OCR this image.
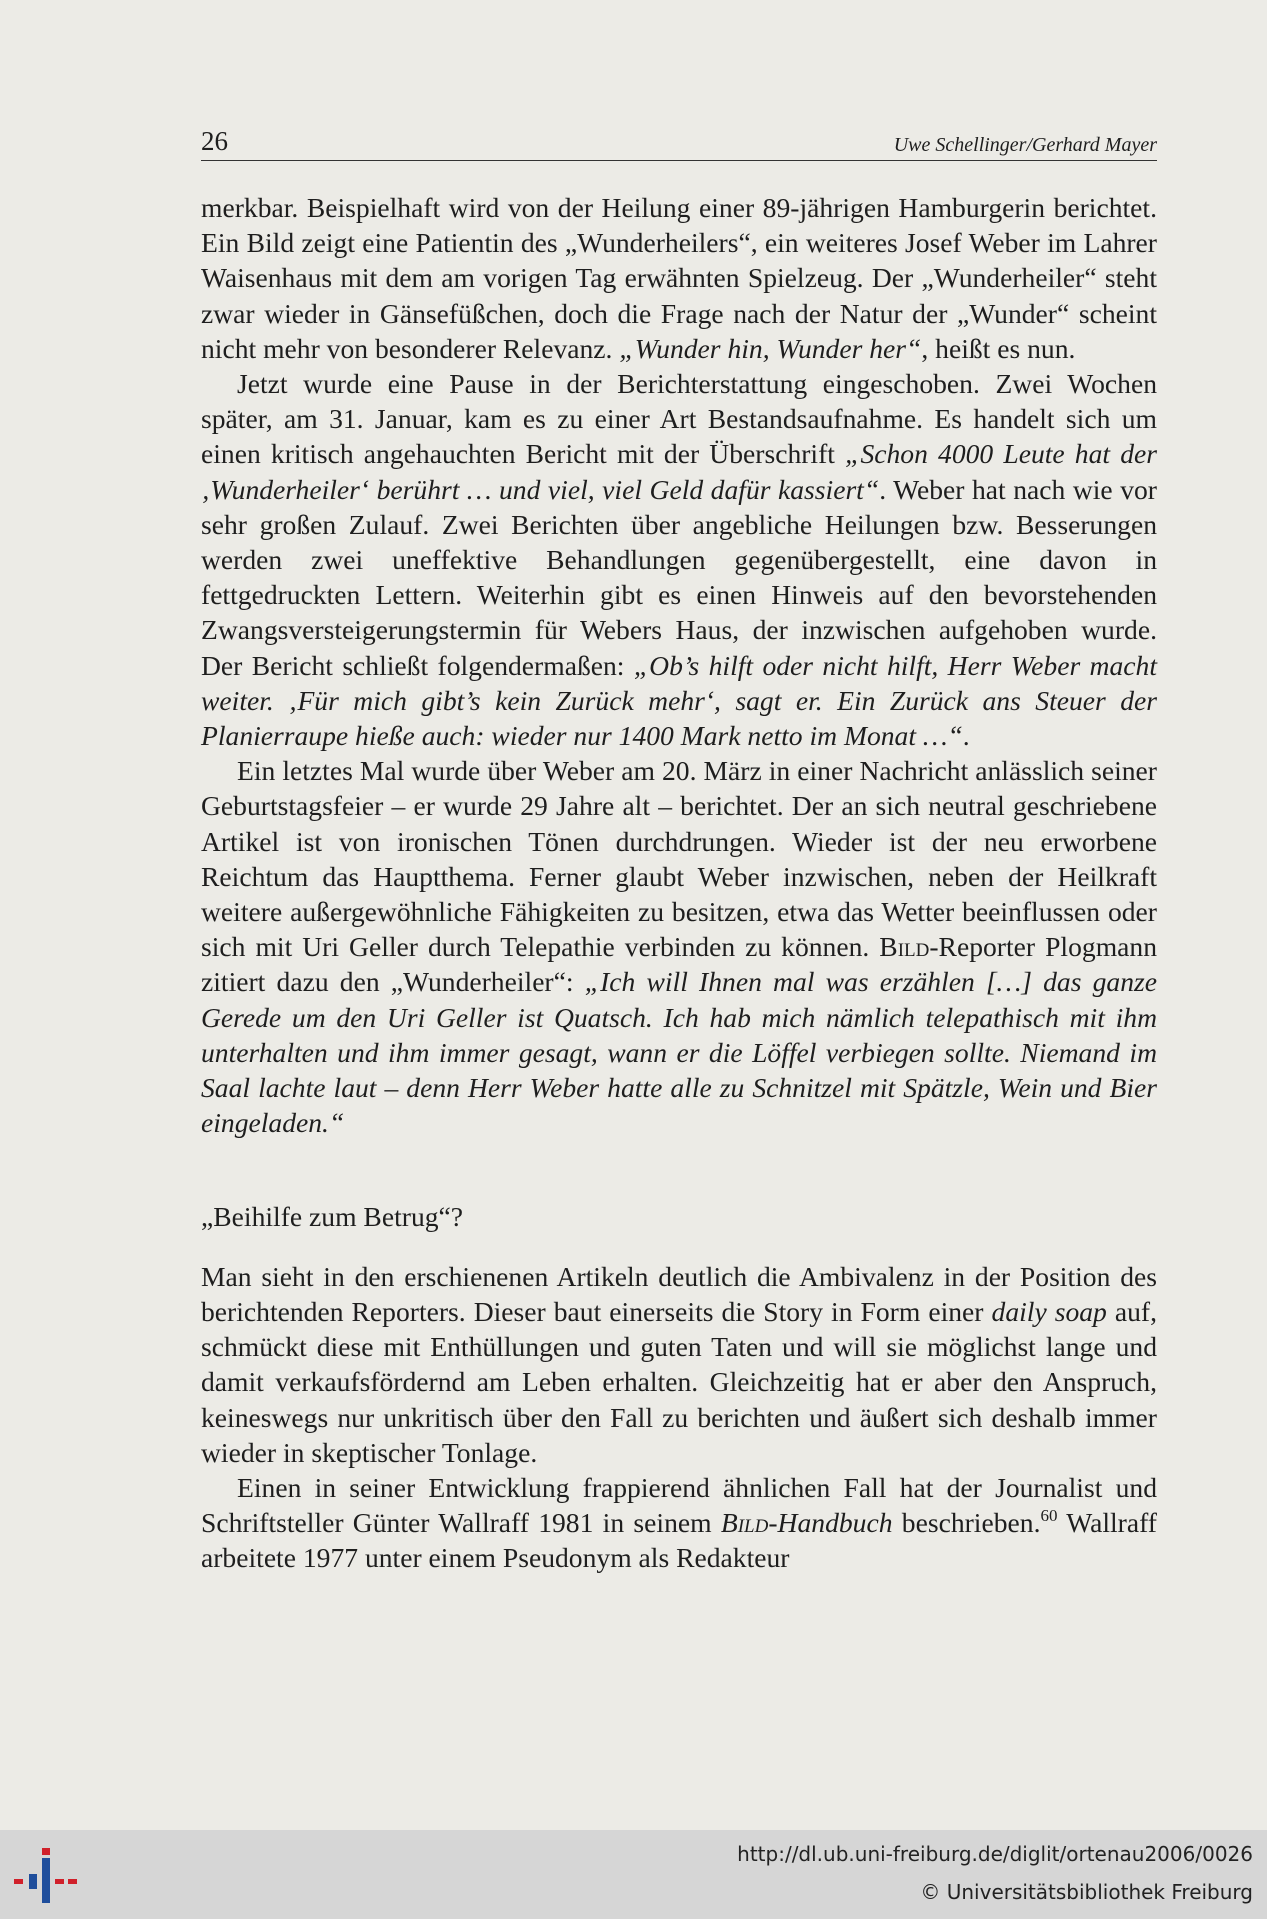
26	Uwe Schellinger/Gerhard Mayer

merkbar. Beispielhaft wird von der Heilung einer 89-jährigen Hamburgerin berichtet. Ein Bild zeigt eine Patientin des „Wunderheilers“, ein weiteres Josef Weber im Lahrer Waisenhaus mit dem am vorigen Tag erwähnten Spielzeug. Der „Wunderheiler“ steht zwar wieder in Gänsefüßchen, doch die Frage nach der Natur der „Wunder“ scheint nicht mehr von besonderer Relevanz. „Wunder hin, Wunder her“, heißt es nun.

Jetzt wurde eine Pause in der Berichterstattung eingeschoben. Zwei Wochen später, am 31. Januar, kam es zu einer Art Bestandsaufnahme. Es handelt sich um einen kritisch angehauchten Bericht mit der Überschrift „Schon 4000 Leute hat der ‚Wunderheiler‘ berührt … und viel, viel Geld dafür kassiert“. Weber hat nach wie vor sehr großen Zulauf. Zwei Berichten über angebliche Heilungen bzw. Besserungen werden zwei uneffektive Behandlungen gegenübergestellt, eine davon in fettgedruckten Lettern. Weiterhin gibt es einen Hinweis auf den bevorstehenden Zwangsversteigerungstermin für Webers Haus, der inzwischen aufgehoben wurde. Der Bericht schließt folgendermaßen: „Ob’s hilft oder nicht hilft, Herr Weber macht weiter. ‚Für mich gibt’s kein Zurück mehr‘, sagt er. Ein Zurück ans Steuer der Planierraupe hieße auch: wieder nur 1400 Mark netto im Monat …“.

Ein letztes Mal wurde über Weber am 20. März in einer Nachricht anlässlich seiner Geburtstagsfeier – er wurde 29 Jahre alt – berichtet. Der an sich neutral geschriebene Artikel ist von ironischen Tönen durchdrungen. Wieder ist der neu erworbene Reichtum das Hauptthema. Ferner glaubt Weber inzwischen, neben der Heilkraft weitere außergewöhnliche Fähigkeiten zu besitzen, etwa das Wetter beeinflussen oder sich mit Uri Geller durch Telepathie verbinden zu können. Bild-Reporter Plogmann zitiert dazu den „Wunderheiler“: „Ich will Ihnen mal was erzählen […] das ganze Gerede um den Uri Geller ist Quatsch. Ich hab mich nämlich telepathisch mit ihm unterhalten und ihm immer gesagt, wann er die Löffel verbiegen sollte. Niemand im Saal lachte laut – denn Herr Weber hatte alle zu Schnitzel mit Spätzle, Wein und Bier eingeladen.“

„Beihilfe zum Betrug“?

Man sieht in den erschienenen Artikeln deutlich die Ambivalenz in der Position des berichtenden Reporters. Dieser baut einerseits die Story in Form einer daily soap auf, schmückt diese mit Enthüllungen und guten Taten und will sie möglichst lange und damit verkaufsfördernd am Leben erhalten. Gleichzeitig hat er aber den Anspruch, keineswegs nur unkritisch über den Fall zu berichten und äußert sich deshalb immer wieder in skeptischer Tonlage.

Einen in seiner Entwicklung frappierend ähnlichen Fall hat der Journalist und Schriftsteller Günter Wallraff 1981 in seinem Bild-Handbuch beschrieben.$^{60}$ Wallraff arbeitete 1977 unter einem Pseudonym als Redakteur

http://dl.ub.uni-freiburg.de/diglit/ortenau2006/0026
© Universitätsbibliothek Freiburg
